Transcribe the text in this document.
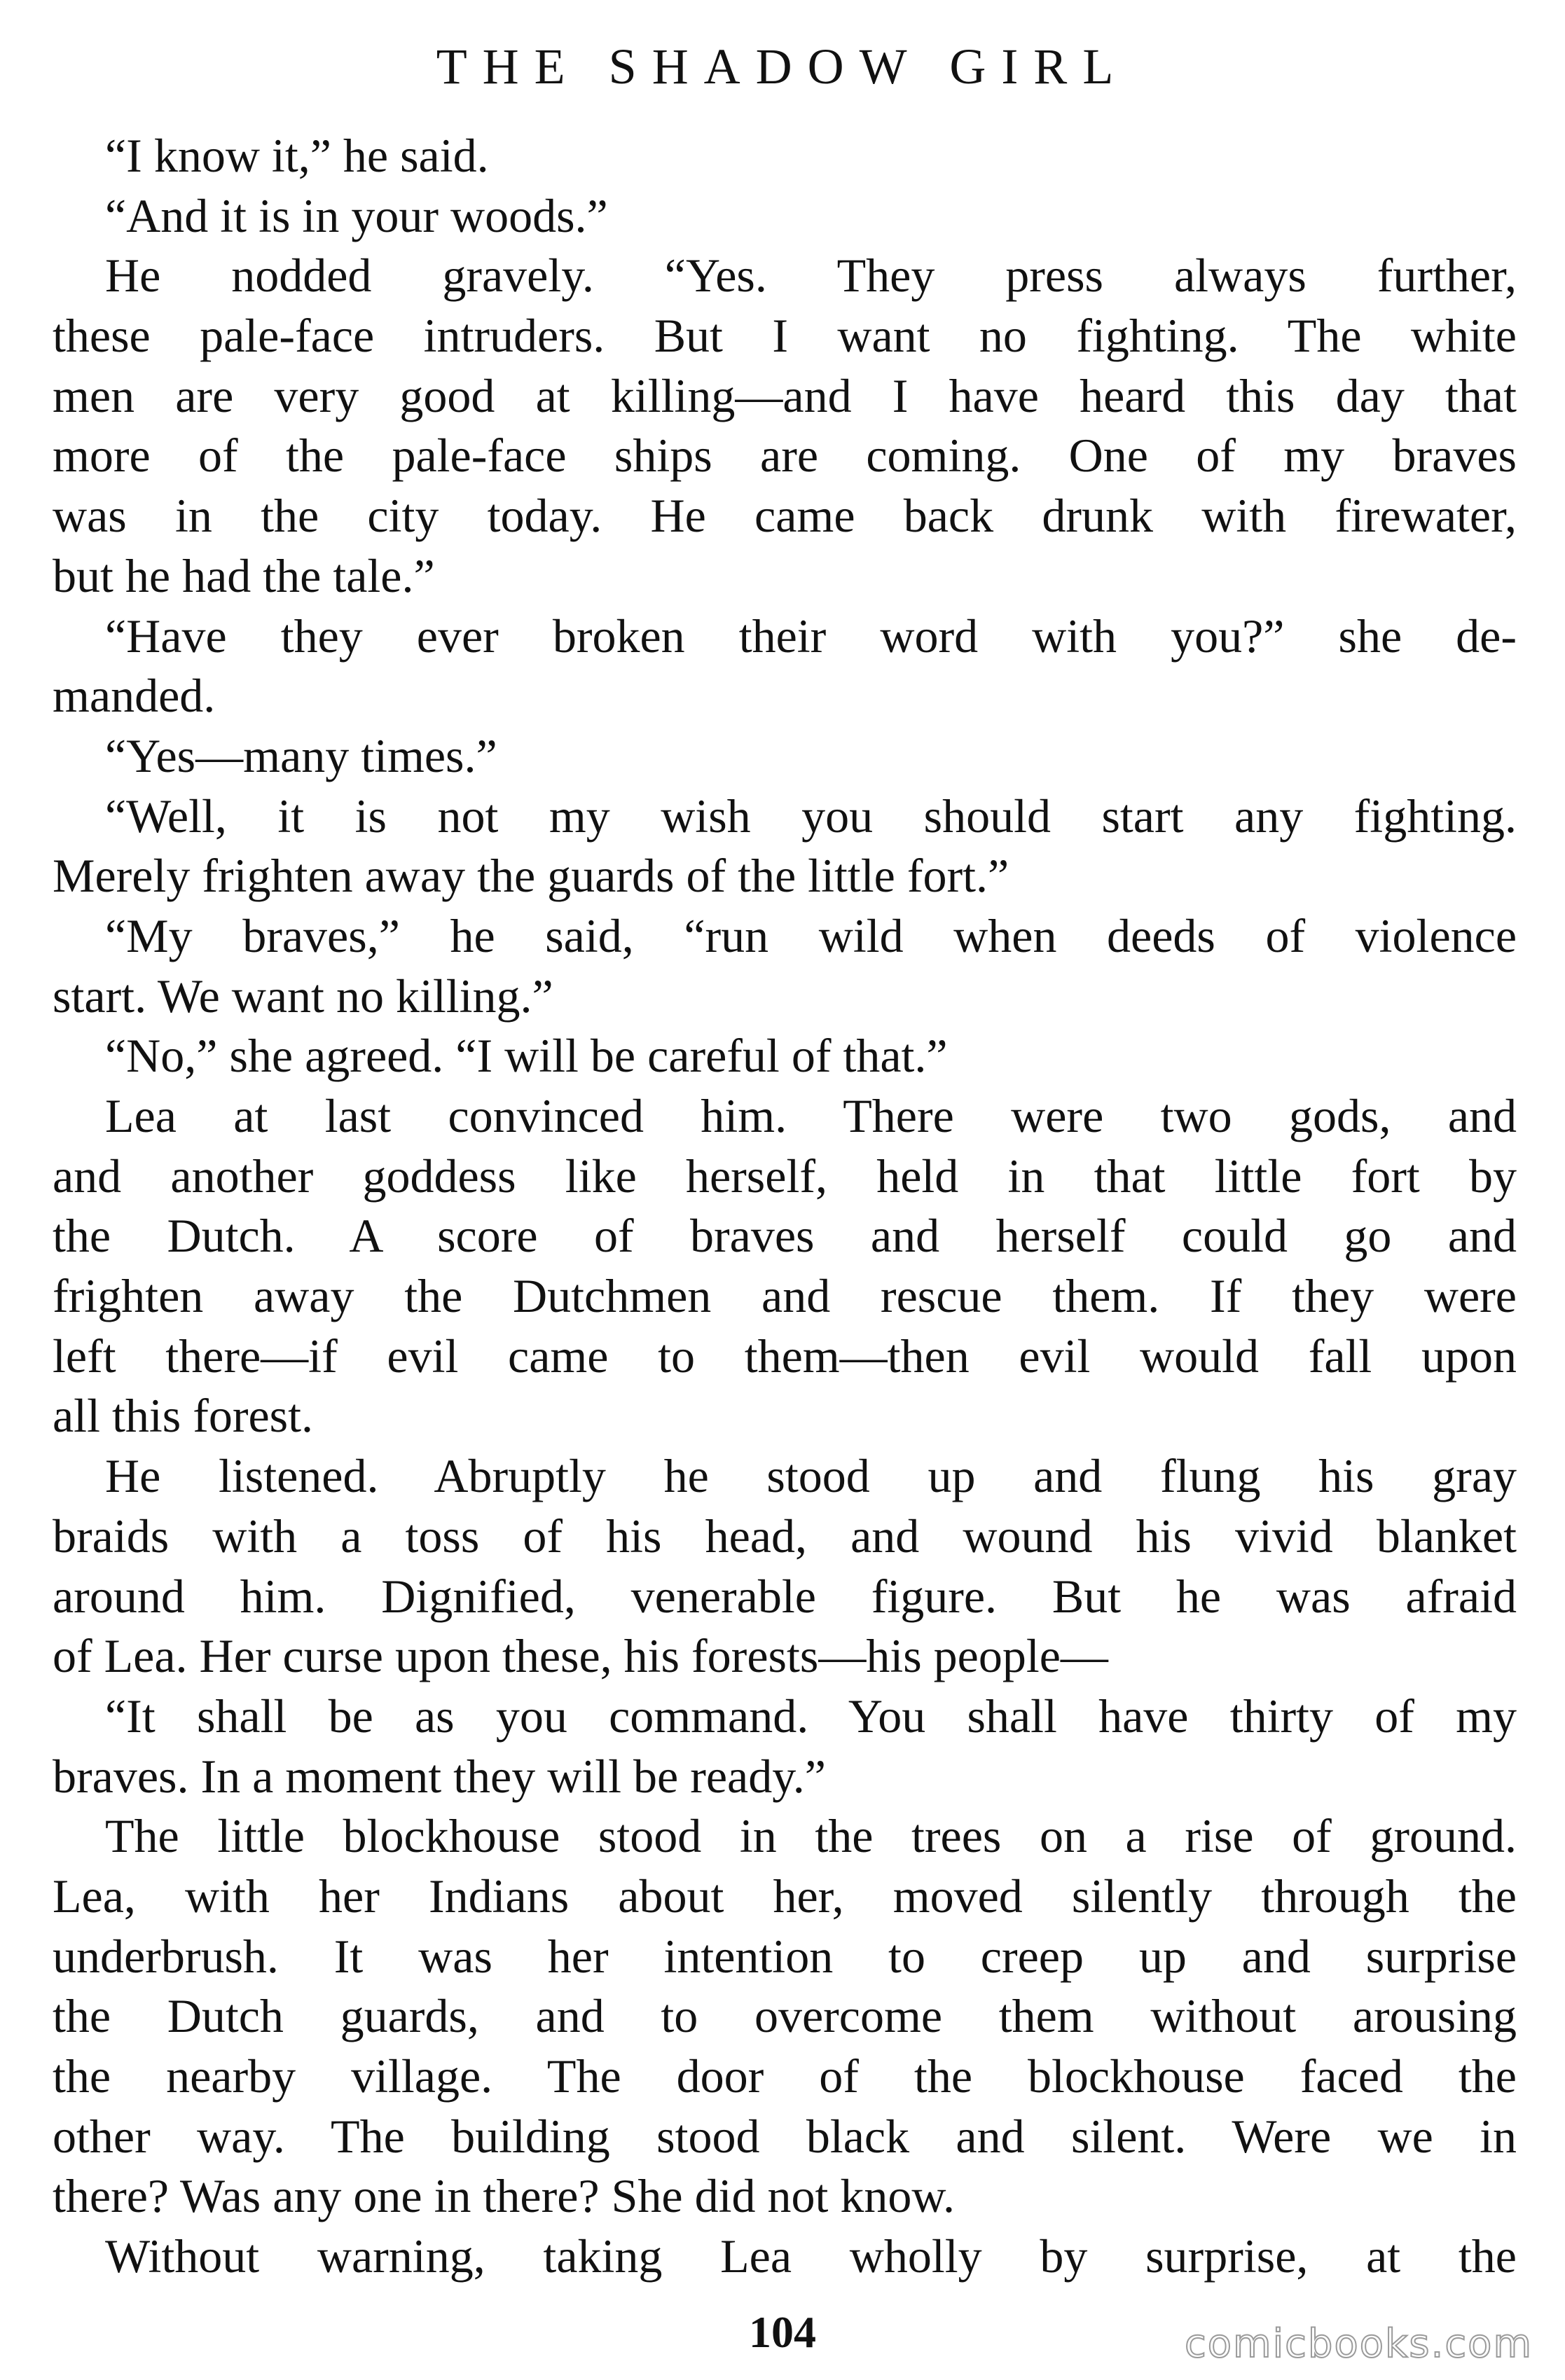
THE SHADOW GIRL
“I know it,” he said.
“And it is in your woods.”
He nodded gravely. “Yes. They press always further,
these pale-face intruders. But I want no fighting. The white
men are very good at killing—and I have heard this day that
more of the pale-face ships are coming. One of my braves
was in the city today. He came back drunk with firewater,
but he had the tale.”
“Have they ever broken their word with you?” she de-
manded.
“Yes—many times.”
“Well, it is not my wish you should start any fighting.
Merely frighten away the guards of the little fort.”
“My braves,” he said, “run wild when deeds of violence
start. We want no killing.”
“No,” she agreed. “I will be careful of that.”
Lea at last convinced him. There were two gods, and
and another goddess like herself, held in that little fort by
the Dutch. A score of braves and herself could go and
frighten away the Dutchmen and rescue them. If they were
left there—if evil came to them—then evil would fall upon
all this forest.
He listened. Abruptly he stood up and flung his gray
braids with a toss of his head, and wound his vivid blanket
around him. Dignified, venerable figure. But he was afraid
of Lea. Her curse upon these, his forests—his people—
“It shall be as you command. You shall have thirty of my
braves. In a moment they will be ready.”
The little blockhouse stood in the trees on a rise of ground.
Lea, with her Indians about her, moved silently through the
underbrush. It was her intention to creep up and surprise
the Dutch guards, and to overcome them without arousing
the nearby village. The door of the blockhouse faced the
other way. The building stood black and silent. Were we in
there? Was any one in there? She did not know.
Without warning, taking Lea wholly by surprise, at the
104	comicbooks.com
